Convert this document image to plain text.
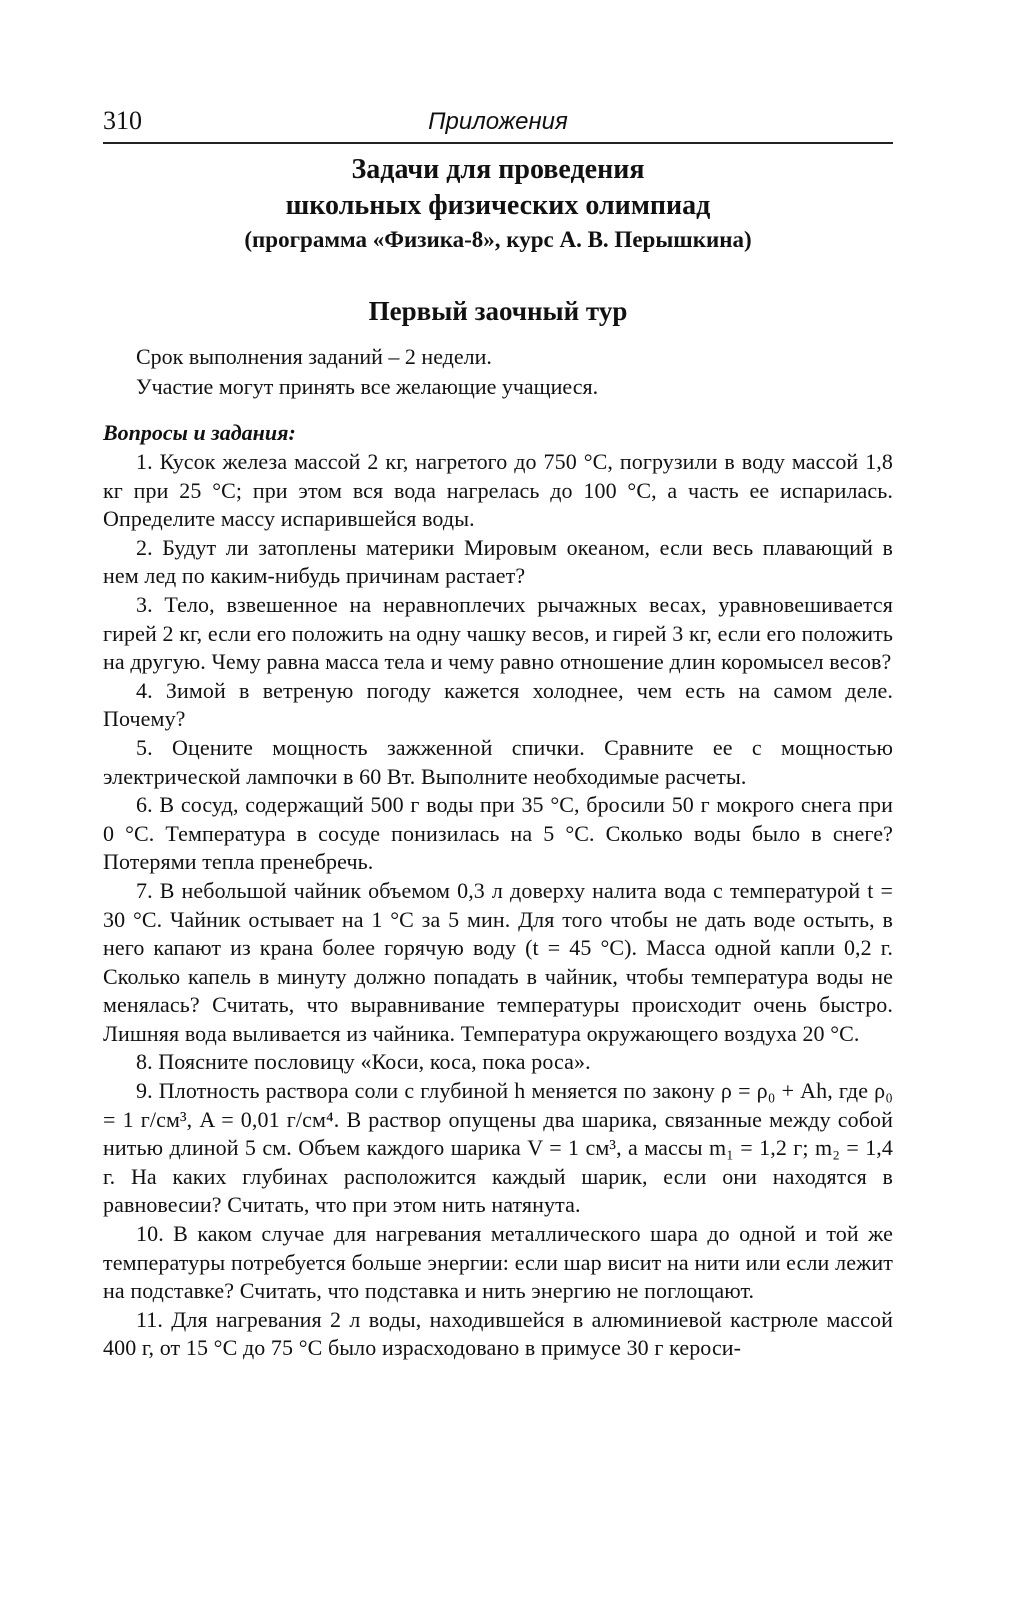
310	Приложения
Задачи для проведения
школьных физических олимпиад
(программа «Физика-8», курс А. В. Перышкина)
Первый заочный тур

Срок выполнения заданий – 2 недели.

Участие могут принять все желающие учащиеся.

Вопросы и задания:

1. Кусок железа массой 2 кг, нагретого до 750 °С, погрузили в воду массой 1,8 кг при 25 °С; при этом вся вода нагрелась до 100 °С, а часть ее испарилась. Определите массу испарившейся воды.

2. Будут ли затоплены материки Мировым океаном, если весь плавающий в нем лед по каким-нибудь причинам растает?

3. Тело, взвешенное на неравноплечих рычажных весах, уравновешивается гирей 2 кг, если его положить на одну чашку весов, и гирей 3 кг, если его положить на другую. Чему равна масса тела и чему равно отношение длин коромысел весов?

4. Зимой в ветреную погоду кажется холоднее, чем есть на самом деле. Почему?

5. Оцените мощность зажженной спички. Сравните ее с мощностью электрической лампочки в 60 Вт. Выполните необходимые расчеты.

6. В сосуд, содержащий 500 г воды при 35 °С, бросили 50 г мокрого снега при 0 °С. Температура в сосуде понизилась на 5 °С. Сколько воды было в снеге? Потерями тепла пренебречь.

7. В небольшой чайник объемом 0,3 л доверху налита вода с температурой t = 30 °С. Чайник остывает на 1 °С за 5 мин. Для того чтобы не дать воде остыть, в него капают из крана более горячую воду (t = 45 °С). Масса одной капли 0,2 г. Сколько капель в минуту должно попадать в чайник, чтобы температура воды не менялась? Считать, что выравнивание температуры происходит очень быстро. Лишняя вода выливается из чайника. Температура окружающего воздуха 20 °С.

8. Поясните пословицу «Коси, коса, пока роса».

9. Плотность раствора соли с глубиной h меняется по закону ρ = ρ₀ + Ah, где ρ₀ = 1 г/см³, A = 0,01 г/см⁴. В раствор опущены два шарика, связанные между собой нитью длиной 5 см. Объем каждого шарика V = 1 см³, а массы m₁ = 1,2 г; m₂ = 1,4 г. На каких глубинах расположится каждый шарик, если они находятся в равновесии? Считать, что при этом нить натянута.

10. В каком случае для нагревания металлического шара до одной и той же температуры потребуется больше энергии: если шар висит на нити или если лежит на подставке? Считать, что подставка и нить энергию не поглощают.

11. Для нагревания 2 л воды, находившейся в алюминиевой кастрюле массой 400 г, от 15 °С до 75 °С было израсходовано в примусе 30 г кероси-
